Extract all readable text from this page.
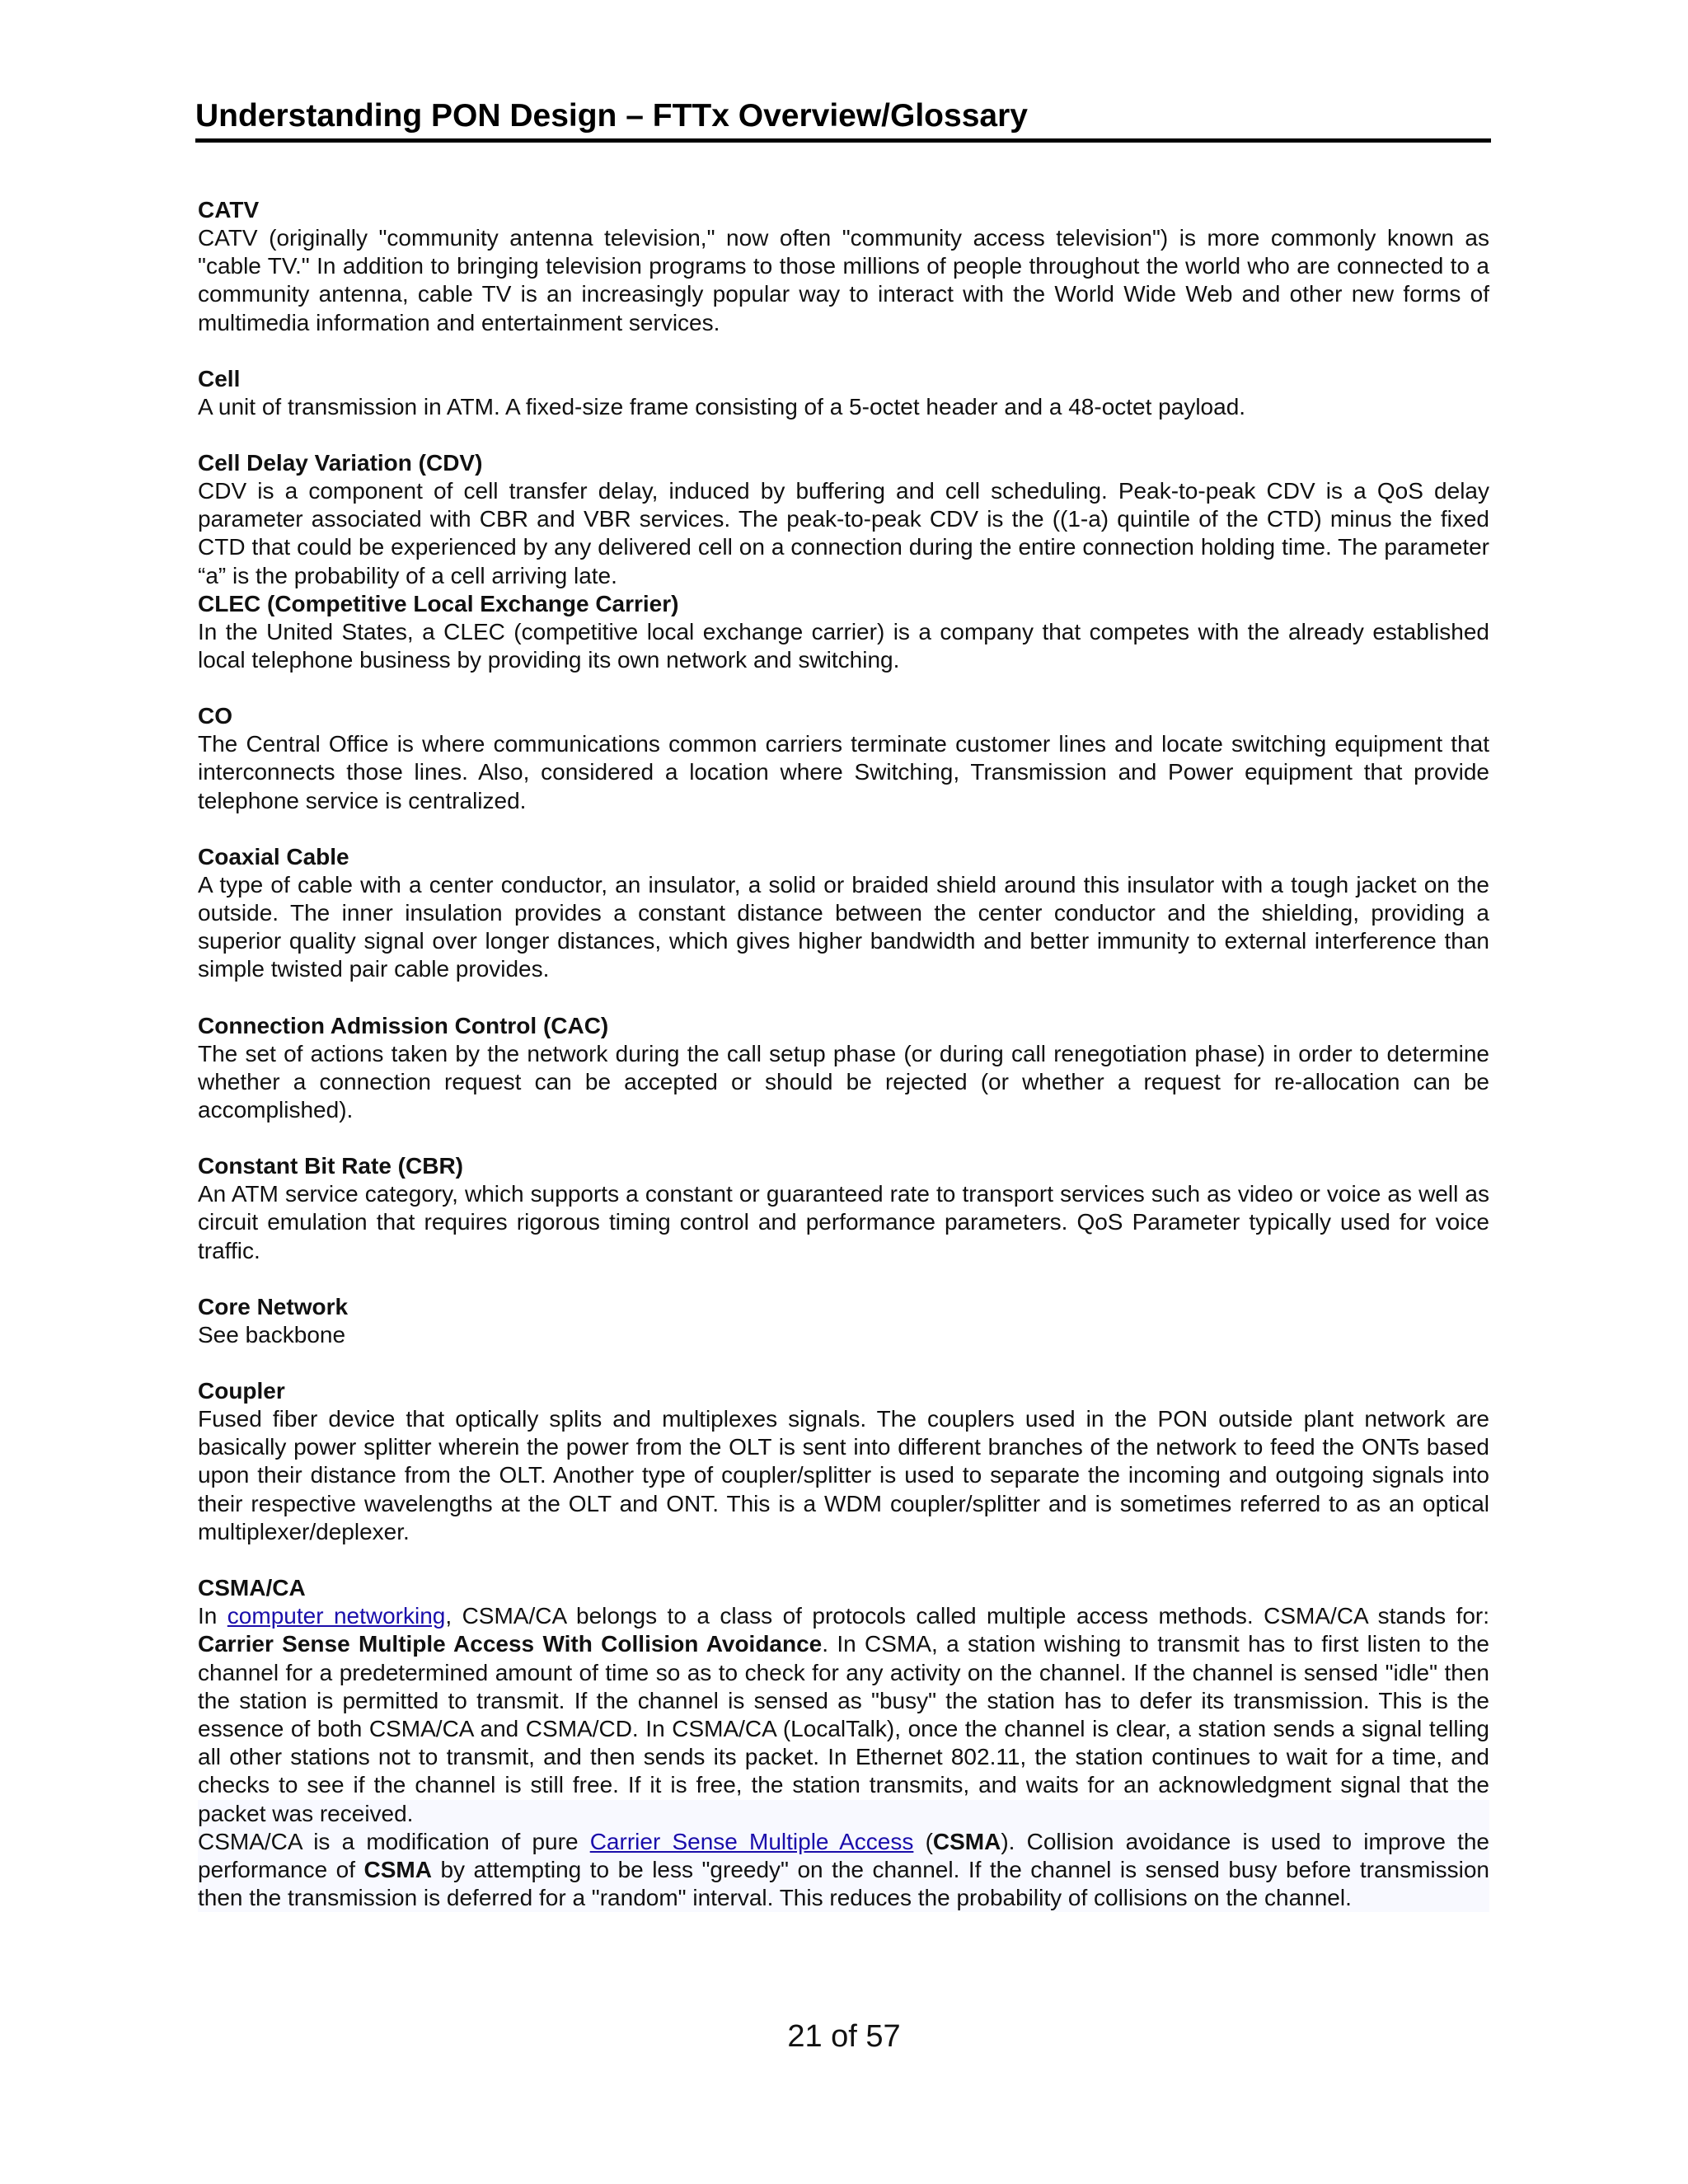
Understanding PON Design – FTTx Overview/Glossary

CATV

CATV (originally "community antenna television," now often "community access television") is more commonly known as "cable TV." In addition to bringing television programs to those millions of people throughout the world who are connected to a community antenna, cable TV is an increasingly popular way to interact with the World Wide Web and other new forms of multimedia information and entertainment services.

Cell

A unit of transmission in ATM. A fixed-size frame consisting of a 5-octet header and a 48-octet payload.

Cell Delay Variation (CDV)

CDV is a component of cell transfer delay, induced by buffering and cell scheduling. Peak-to-peak CDV is a QoS delay parameter associated with CBR and VBR services. The peak-to-peak CDV is the ((1-a) quintile of the CTD) minus the fixed CTD that could be experienced by any delivered cell on a connection during the entire connection holding time. The parameter “a” is the probability of a cell arriving late.

CLEC (Competitive Local Exchange Carrier)

In the United States, a CLEC (competitive local exchange carrier) is a company that competes with the already established local telephone business by providing its own network and switching.

CO

The Central Office is where communications common carriers terminate customer lines and locate switching equipment that interconnects those lines. Also, considered a location where Switching, Transmission and Power equipment that provide telephone service is centralized.

Coaxial Cable

A type of cable with a center conductor, an insulator, a solid or braided shield around this insulator with a tough jacket on the outside. The inner insulation provides a constant distance between the center conductor and the shielding, providing a superior quality signal over longer distances, which gives higher bandwidth and better immunity to external interference than simple twisted pair cable provides.

Connection Admission Control (CAC)

The set of actions taken by the network during the call setup phase (or during call renegotiation phase) in order to determine whether a connection request can be accepted or should be rejected (or whether a request for re-allocation can be accomplished).

Constant Bit Rate (CBR)

An ATM service category, which supports a constant or guaranteed rate to transport services such as video or voice as well as circuit emulation that requires rigorous timing control and performance parameters. QoS Parameter typically used for voice traffic.

Core Network

See backbone

Coupler

Fused fiber device that optically splits and multiplexes signals. The couplers used in the PON outside plant network are basically power splitter wherein the power from the OLT is sent into different branches of the network to feed the ONTs based upon their distance from the OLT. Another type of coupler/splitter is used to separate the incoming and outgoing signals into their respective wavelengths at the OLT and ONT. This is a WDM coupler/splitter and is sometimes referred to as an optical multiplexer/deplexer.

CSMA/CA

In computer networking, CSMA/CA belongs to a class of protocols called multiple access methods. CSMA/CA stands for: Carrier Sense Multiple Access With Collision Avoidance. In CSMA, a station wishing to transmit has to first listen to the channel for a predetermined amount of time so as to check for any activity on the channel. If the channel is sensed "idle" then the station is permitted to transmit. If the channel is sensed as "busy" the station has to defer its transmission. This is the essence of both CSMA/CA and CSMA/CD. In CSMA/CA (LocalTalk), once the channel is clear, a station sends a signal telling all other stations not to transmit, and then sends its packet. In Ethernet 802.11, the station continues to wait for a time, and checks to see if the channel is still free. If it is free, the station transmits, and waits for an acknowledgment signal that the packet was received.

CSMA/CA is a modification of pure Carrier Sense Multiple Access (CSMA). Collision avoidance is used to improve the performance of CSMA by attempting to be less "greedy" on the channel. If the channel is sensed busy before transmission then the transmission is deferred for a "random" interval. This reduces the probability of collisions on the channel.

21 of 57
